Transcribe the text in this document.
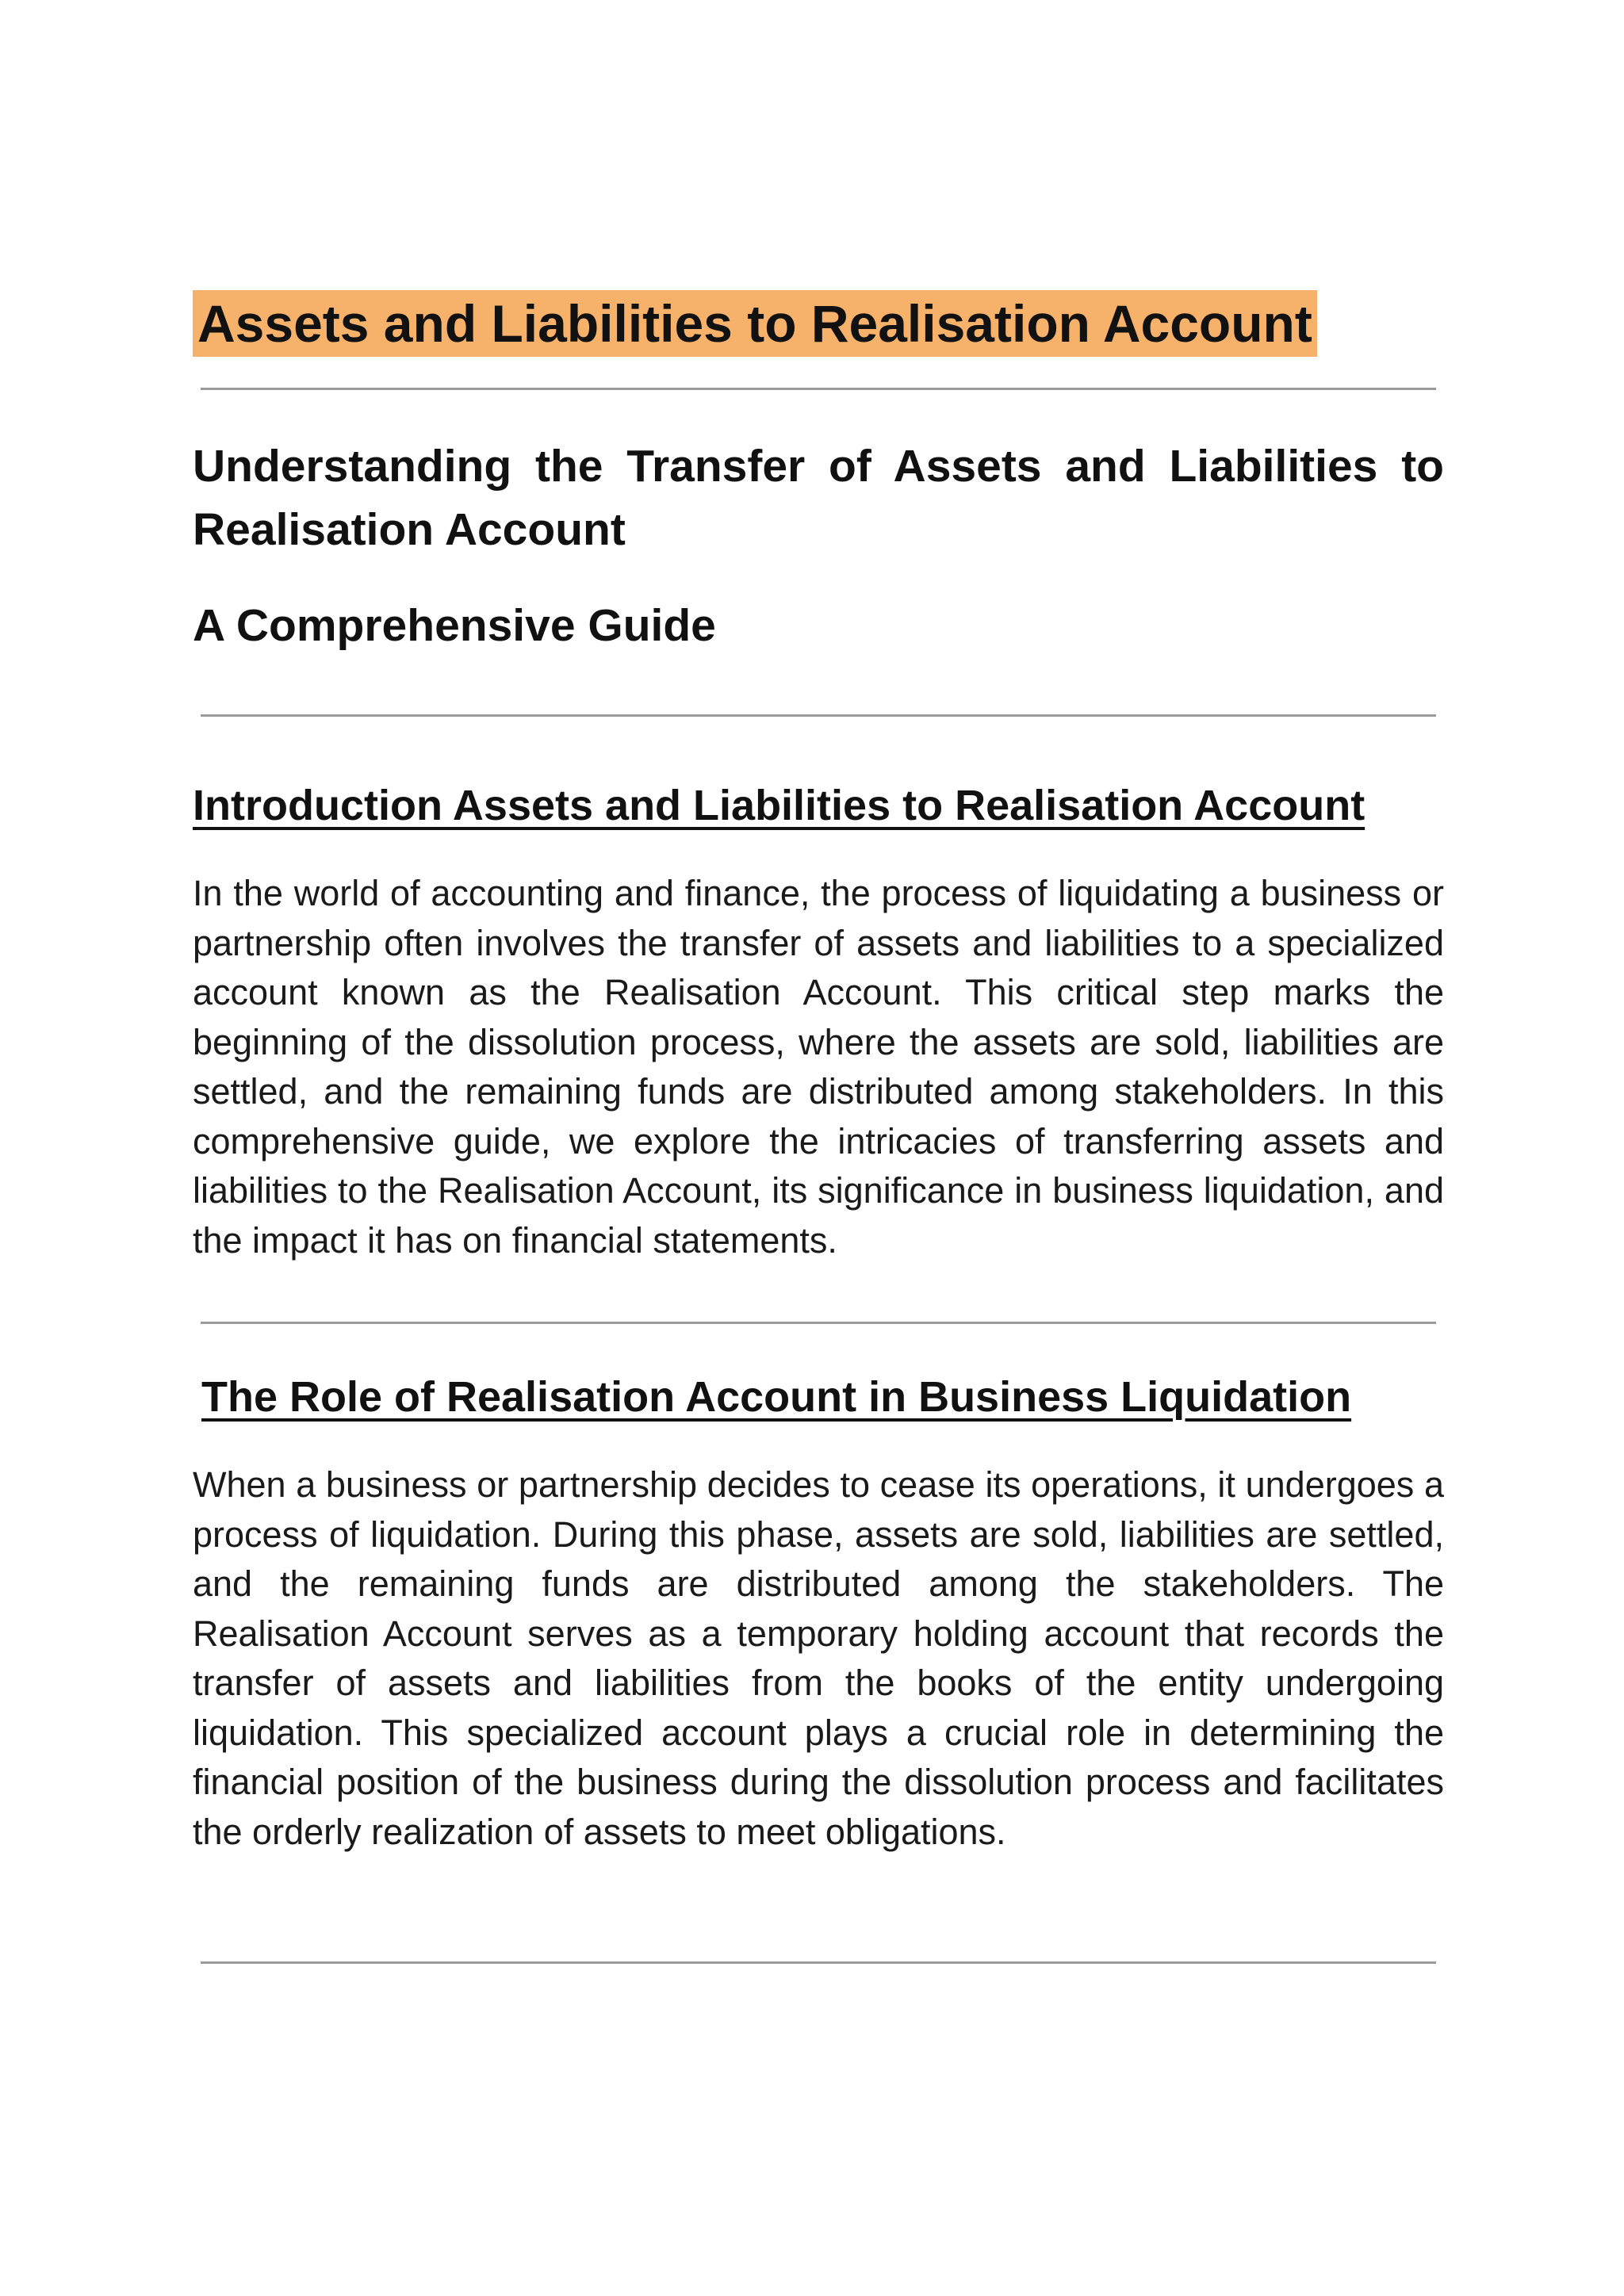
Assets and Liabilities to Realisation Account
Understanding the Transfer of Assets and Liabilities to Realisation Account
A Comprehensive Guide
Introduction Assets and Liabilities to Realisation Account

In the world of accounting and finance, the process of liquidating a business or partnership often involves the transfer of assets and liabilities to a specialized account known as the Realisation Account. This critical step marks the beginning of the dissolution process, where the assets are sold, liabilities are settled, and the remaining funds are distributed among stakeholders. In this comprehensive guide, we explore the intricacies of transferring assets and liabilities to the Realisation Account, its significance in business liquidation, and the impact it has on financial statements.

The Role of Realisation Account in Business Liquidation

When a business or partnership decides to cease its operations, it undergoes a process of liquidation. During this phase, assets are sold, liabilities are settled, and the remaining funds are distributed among the stakeholders. The Realisation Account serves as a temporary holding account that records the transfer of assets and liabilities from the books of the entity undergoing liquidation. This specialized account plays a crucial role in determining the financial position of the business during the dissolution process and facilitates the orderly realization of assets to meet obligations.
